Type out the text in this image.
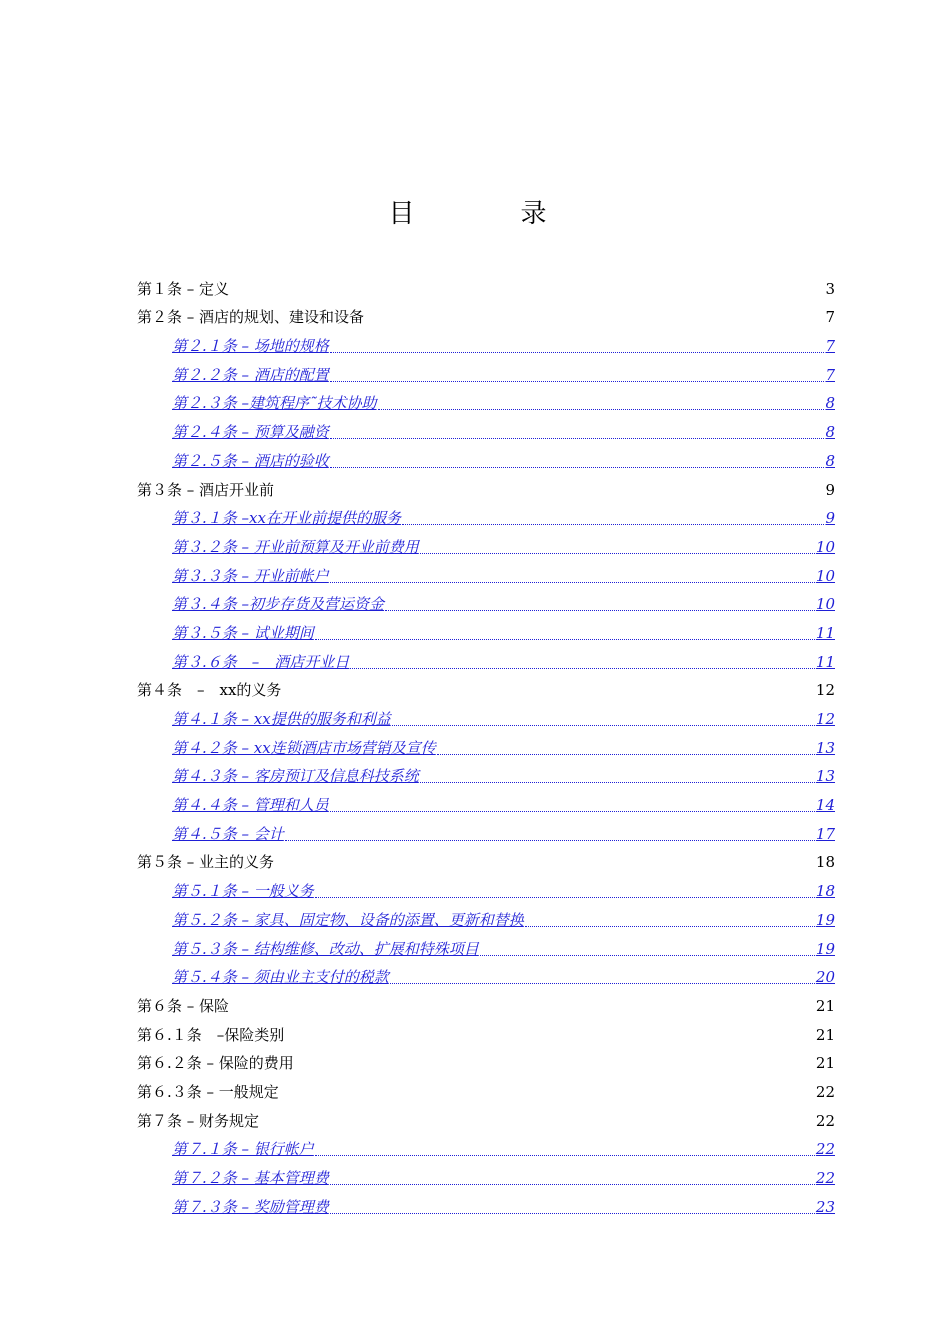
目　录
第１条 – 定义	3
第２条 – 酒店的规划、建设和设备	7
第２.１条 – 场地的规格	7
第２.２条 – 酒店的配置	7
第２.３条 –建筑程序˜技术协助	8
第２.４条 – 预算及融资	8
第２.５条 – 酒店的验收	8
第３条 – 酒店开业前	9
第３.１条 –xx在开业前提供的服务	9
第３.２条 – 开业前预算及开业前费用	10
第３.３条 – 开业前帐户	10
第３.４条 –初步存货及营运资金	10
第３.５条 – 试业期间	11
第３.６条　–　酒店开业日	11
第４条　–　xx的义务	12
第４.１条 – xx提供的服务和利益	12
第４.２条 – xx连锁酒店市场营销及宣传	13
第４.３条 – 客房预订及信息科技系统	13
第４.４条 – 管理和人员	14
第４.５条 – 会计	17
第５条 – 业主的义务	18
第５.１条 – 一般义务	18
第５.２条 – 家具、固定物、设备的添置、更新和替换	19
第５.３条 – 结构维修、改动、扩展和特殊项目	19
第５.４条 – 须由业主支付的税款	20
第６条 – 保险	21
第６.１条　–保险类别	21
第６.２条 – 保险的费用	21
第６.３条 – 一般规定	22
第７条 – 财务规定	22
第７.１条 – 银行帐户	22
第７.２条 – 基本管理费	22
第７.３条 – 奖励管理费	23
